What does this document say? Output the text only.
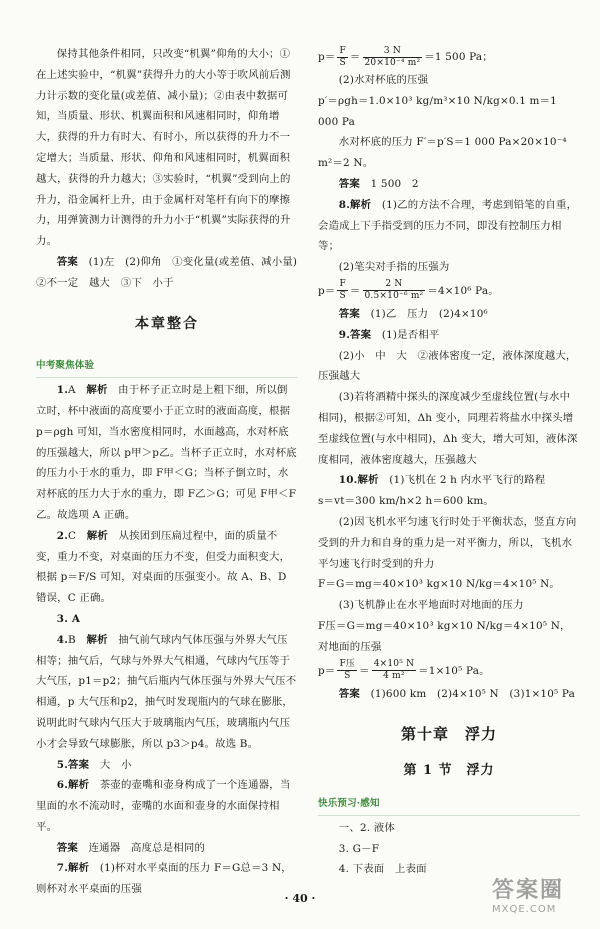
保持其他条件相同，只改变“机翼”仰角的大小；①在上述实验中，“机翼”获得升力的大小等于吹风前后测力计示数的变化量(或差值、减小量)；②由表中数据可知，当质量、形状、机翼面积和风速相同时，仰角增大，获得的升力有时大、有时小，所以获得的升力不一定增大；当质量、形状、仰角和风速相同时，机翼面积越大，获得的升力越大；③实验时，“机翼”受到向上的升力，沿金属杆上升，由于金属杆对笔杆有向下的摩擦力，用弹簧测力计测得的升力小于“机翼”实际获得的升力。

答案　 (1)左　(2)仰角　①变化量(或差值、减小量)　②不一定　越大　③下　小于

本章整合
中考聚焦体验

1.A　 解析　 由于杯子正立时是上粗下细，所以倒立时，杯中液面的高度要小于正立时的液面高度，根据 p＝ρgh 可知，当水密度相同时，水面越高，水对杯底的压强越大，所以 p甲＞p乙。当杯子正立时，水对杯底的压力小于水的重力，即 F甲＜G；当杯子倒立时，水对杯底的压力大于水的重力，即 F乙＞G；可见 F甲＜F乙。故选项 A 正确。

2.C　 解析　 从挨团到压扁过程中，面的质量不变，重力不变，对桌面的压力不变，但受力面积变大，根据 p＝F/S 可知，对桌面的压强变小。故 A、B、D 错误，C 正确。

3. A

4.B　 解析　 抽气前气球内气体压强与外界大气压相等；抽气后，气球与外界大气相通，气球内气压等于大气压，p1＝p2；抽气后瓶内气体压强与外界大气压不相通，p 大气压和p2，抽气时发现瓶内的气球在膨胀，说明此时气球内气压大于玻璃瓶内气压，玻璃瓶内气压小才会导致气球膨胀，所以 p3＞p4。故选 B。

5.答案　 大　小

6.解析　 茶壶的壶嘴和壶身构成了一个连通器，当里面的水不流动时，壶嘴的水面和壶身的水面保持相平。

答案　 连通器　高度总是相同的

7.解析　 (1)杯对水平桌面的压力 F＝G总＝3 N，则杯对水平桌面的压强

$p= \frac{F}{S} = \frac{3 N}{\text{20×10⁻⁴ m²}} =1$ 500 Pa；

(2)水对杯底的压强

p′＝ρgh＝1.0×10³ kg/m³×10 N/kg×0.1 m＝1 000 Pa

水对杯底的压力 F′＝p′S＝1 000 Pa×20×10⁻⁴ m²＝2 N。

答案　 1 500　2

8.解析　 (1)乙的方法不合理，考虑到铅笔的自重，会造成上下手指受到的压力不同，即没有控制压力相等；

(2)笔尖对手指的压强为

$p= \frac{F}{S} = \frac{2 N}{\text{0.5×10⁻⁶ m²}} =4\times 10^6$ Pa。

答案　 (1)乙　压力　(2)4×10⁶

9.答案　 (1)是否相平

(2)小　中　大　②液体密度一定，液体深度越大，压强越大

(3)若将酒精中探头的深度减少至虚线位置(与水中相同)，根据②可知，Δh 变小，同理若将盐水中探头增至虚线位置(与水中相同)，Δh 变大，增大可知，液体深度相同，液体密度越大，压强越大

10.解析　 (1)飞机在 2 h 内水平飞行的路程

s＝vt＝300 km/h×2 h＝600 km。

(2)因飞机水平匀速飞行时处于平衡状态，竖直方向受到的升力和自身的重力是一对平衡力，所以，飞机水平匀速飞行时受到的升力

F＝G＝mg＝40×10³ kg×10 N/kg＝4×10⁵ N。

(3)飞机静止在水平地面时对地面的压力

F压＝G＝mg＝40×10³ kg×10 N/kg＝4×10⁵ N，

对地面的压强

$p= \frac{\text{F压}}{S} = \frac{\text{4×10⁵ N}}{\text{4 m²}} =1\times 10^5$ Pa。

答案　 (1)600 km　(2)4×10⁵ N　(3)1×10⁵ Pa

第十章　浮力
第 1 节　浮力
快乐预习·感知

一、2. 液体

3. G－F

4. 下表面　上表面

· 40 ·	答案圈
MXQE.COM
